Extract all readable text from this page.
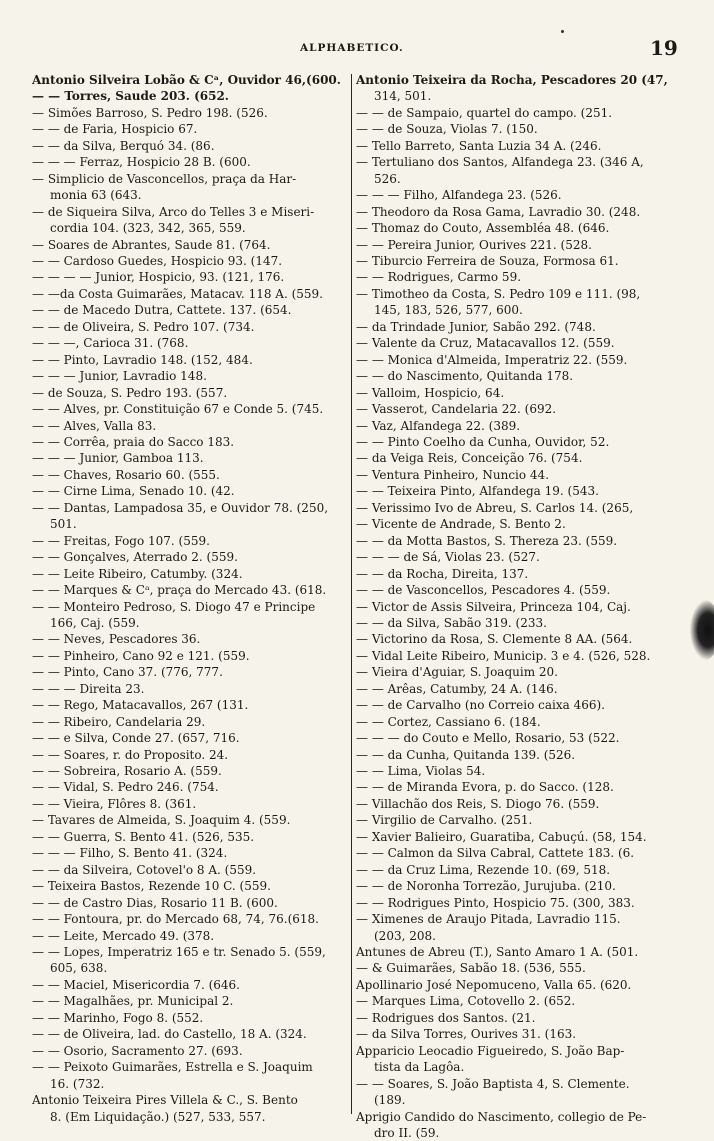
ALPHABETICO.	19
Antonio Silveira Lobão & Cᵃ, Ouvidor 46,(600.
— — Torres, Saude 203. (652.
— Simões Barroso, S. Pedro 198. (526.
— — de Faria, Hospicio 67.
— — da Silva, Berquó 34. (86.
— — — Ferraz, Hospicio 28 B. (600.
— Simplicio de Vasconcellos, praça da Har-
monia 63 (643.
— de Siqueira Silva, Arco do Telles 3 e Miseri-
cordia 104. (323, 342, 365, 559.
— Soares de Abrantes, Saude 81. (764.
— — Cardoso Guedes, Hospicio 93. (147.
— — — — Junior, Hospicio, 93. (121, 176.
— —da Costa Guimarães, Matacav. 118 A. (559.
— — de Macedo Dutra, Cattete. 137. (654.
— — de Oliveira, S. Pedro 107. (734.
— — —, Carioca 31. (768.
— — Pinto, Lavradio 148. (152, 484.
— — — Junior, Lavradio 148.
— de Souza, S. Pedro 193. (557.
— — Alves, pr. Constituição 67 e Conde 5. (745.
— — Alves, Valla 83.
— — Corrêa, praia do Sacco 183.
— — — Junior, Gamboa 113.
— — Chaves, Rosario 60. (555.
— — Cirne Lima, Senado 10. (42.
— — Dantas, Lampadosa 35, e Ouvidor 78. (250,
501.
— — Freitas, Fogo 107. (559.
— — Gonçalves, Aterrado 2. (559.
— — Leite Ribeiro, Catumby. (324.
— — Marques & Cᵃ, praça do Mercado 43. (618.
— — Monteiro Pedroso, S. Diogo 47 e Principe
166, Caj. (559.
— — Neves, Pescadores 36.
— — Pinheiro, Cano 92 e 121. (559.
— — Pinto, Cano 37. (776, 777.
— — — Direita 23.
— — Rego, Matacavallos, 267 (131.
— — Ribeiro, Candelaria 29.
— — e Silva, Conde 27. (657, 716.
— — Soares, r. do Proposito. 24.
— — Sobreira, Rosario A. (559.
— — Vidal, S. Pedro 246. (754.
— — Vieira, Flôres 8. (361.
— Tavares de Almeida, S. Joaquim 4. (559.
— — Guerra, S. Bento 41. (526, 535.
— — — Filho, S. Bento 41. (324.
— — da Silveira, Cotovel'o 8 A. (559.
— Teixeira Bastos, Rezende 10 C. (559.
— — de Castro Dias, Rosario 11 B. (600.
— — Fontoura, pr. do Mercado 68, 74, 76.(618.
— — Leite, Mercado 49. (378.
— — Lopes, Imperatriz 165 e tr. Senado 5. (559,
605, 638.
— — Maciel, Misericordia 7. (646.
— — Magalhães, pr. Municipal 2.
— — Marinho, Fogo 8. (552.
— — de Oliveira, lad. do Castello, 18 A. (324.
— — Osorio, Sacramento 27. (693.
— — Peixoto Guimarães, Estrella e S. Joaquim
16. (732.
Antonio Teixeira Pires Villela & C., S. Bento
8. (Em Liquidação.) (527, 533, 557.
Antonio Teixeira da Rocha, Pescadores 20 (47,
314, 501.
— — de Sampaio, quartel do campo. (251.
— — de Souza, Violas 7. (150.
— Tello Barreto, Santa Luzia 34 A. (246.
— Tertuliano dos Santos, Alfandega 23. (346 A,
526.
— — — Filho, Alfandega 23. (526.
— Theodoro da Rosa Gama, Lavradio 30. (248.
— Thomaz do Couto, Assembléa 48. (646.
— — Pereira Junior, Ourives 221. (528.
— Tiburcio Ferreira de Souza, Formosa 61.
— — Rodrigues, Carmo 59.
— Timotheo da Costa, S. Pedro 109 e 111. (98,
145, 183, 526, 577, 600.
— da Trindade Junior, Sabão 292. (748.
— Valente da Cruz, Matacavallos 12. (559.
— — Monica d'Almeida, Imperatriz 22. (559.
— — do Nascimento, Quitanda 178.
— Valloim, Hospicio, 64.
— Vasserot, Candelaria 22. (692.
— Vaz, Alfandega 22. (389.
— — Pinto Coelho da Cunha, Ouvidor, 52.
— da Veiga Reis, Conceição 76. (754.
— Ventura Pinheiro, Nuncio 44.
— — Teixeira Pinto, Alfandega 19. (543.
— Verissimo Ivo de Abreu, S. Carlos 14. (265,
— Vicente de Andrade, S. Bento 2.
— — da Motta Bastos, S. Thereza 23. (559.
— — — de Sá, Violas 23. (527.
— — da Rocha, Direita, 137.
— — de Vasconcellos, Pescadores 4. (559.
— Victor de Assis Silveira, Princeza 104, Caj.
— — da Silva, Sabão 319. (233.
— Victorino da Rosa, S. Clemente 8 AA. (564.
— Vidal Leite Ribeiro, Municip. 3 e 4. (526, 528.
— Vieira d'Aguiar, S. Joaquim 20.
— — Arêas, Catumby, 24 A. (146.
— — de Carvalho (no Correio caixa 466).
— — Cortez, Cassiano 6. (184.
— — — do Couto e Mello, Rosario, 53 (522.
— — da Cunha, Quitanda 139. (526.
— — Lima, Violas 54.
— — de Miranda Evora, p. do Sacco. (128.
— Villachão dos Reis, S. Diogo 76. (559.
— Virgilio de Carvalho. (251.
— Xavier Balieiro, Guaratiba, Cabuçú. (58, 154.
— — Calmon da Silva Cabral, Cattete 183. (6.
— — da Cruz Lima, Rezende 10. (69, 518.
— — de Noronha Torrezão, Jurujuba. (210.
— — Rodrigues Pinto, Hospicio 75. (300, 383.
— Ximenes de Araujo Pitada, Lavradio 115.
(203, 208.
Antunes de Abreu (T.), Santo Amaro 1 A. (501.
— & Guimarães, Sabão 18. (536, 555.
Apollinario José Nepomuceno, Valla 65. (620.
— Marques Lima, Cotovello 2. (652.
— Rodrigues dos Santos. (21.
— da Silva Torres, Ourives 31. (163.
Apparicio Leocadio Figueiredo, S. João Bap-
tista da Lagôa.
— — Soares, S. João Baptista 4, S. Clemente.
(189.
Aprigio Candido do Nascimento, collegio de Pe-
dro II. (59.
